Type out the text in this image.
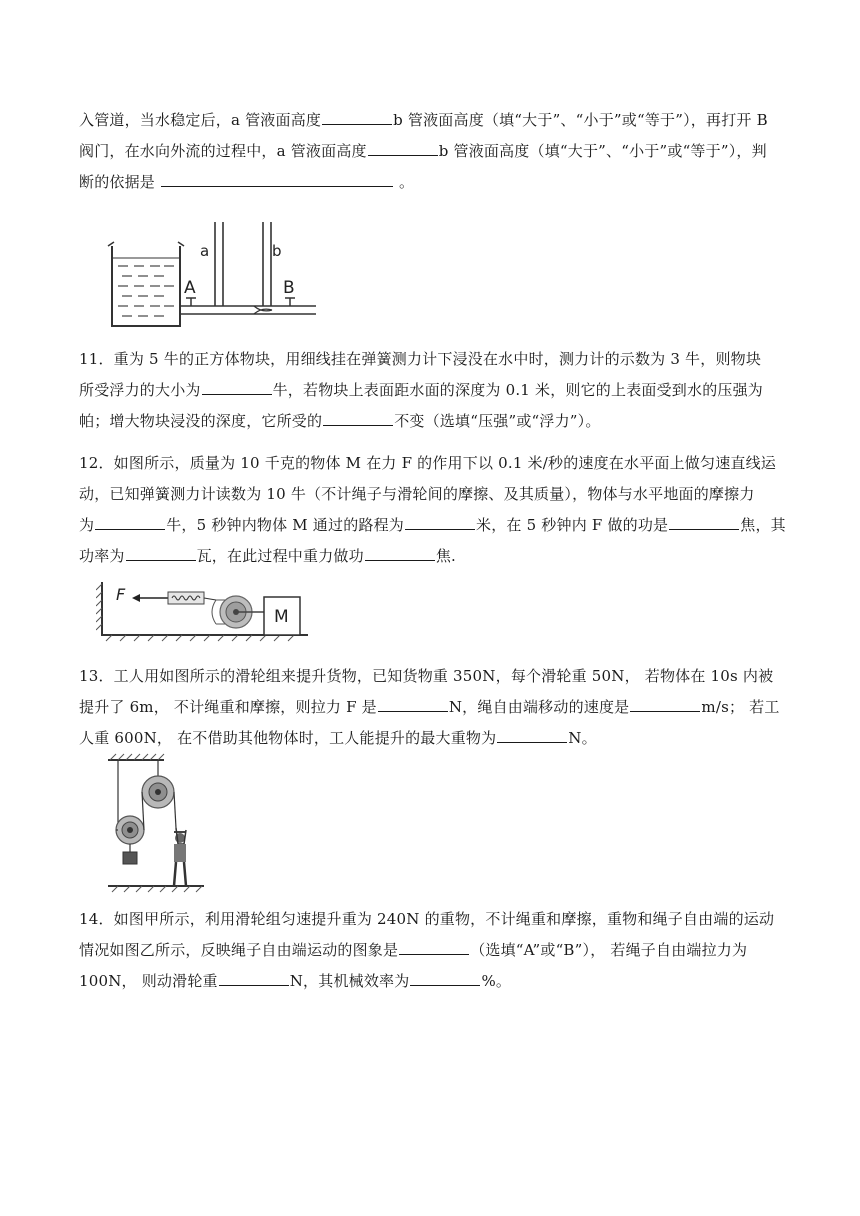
入管道，当水稳定后，a 管液面高度	b 管液面高度（填“大于”、“小于”或“等于”），再打开 B
阀门，在水向外流的过程中，a 管液面高度	b 管液面高度（填“大于”、“小于”或“等于”），判
断的依据是	。
A
a	b
B
11．重为 5 牛的正方体物块，用细线挂在弹簧测力计下浸没在水中时，测力计的示数为 3 牛，则物块
所受浮力的大小为	牛，若物块上表面距水面的深度为 0.1 米，则它的上表面受到水的压强为
帕；增大物块浸没的深度，它所受的	不变（选填“压强”或“浮力”）。
12．如图所示，质量为 10 千克的物体 M 在力 F 的作用下以 0.1 米/秒的速度在水平面上做匀速直线运
动，已知弹簧测力计读数为 10 牛（不计绳子与滑轮间的摩擦、及其质量），物体与水平地面的摩擦力
为	牛，5 秒钟内物体 M 通过的路程为	米，在 5 秒钟内 F 做的功是	焦，其
功率为	瓦，在此过程中重力做功	焦.
F
M
13．工人用如图所示的滑轮组来提升货物，已知货物重 350N，每个滑轮重 50N， 若物体在 10s 内被
提升了 6m， 不计绳重和摩擦，则拉力 F 是	N，绳自由端移动的速度是	m/s； 若工
人重 600N， 在不借助其他物体时，工人能提升的最大重物为	N。
14．如图甲所示，利用滑轮组匀速提升重为 240N 的重物，不计绳重和摩擦，重物和绳子自由端的运动
情况如图乙所示，反映绳子自由端运动的图象是	（选填“A”或“B”）， 若绳子自由端拉力为
100N， 则动滑轮重	N，其机械效率为	%。
